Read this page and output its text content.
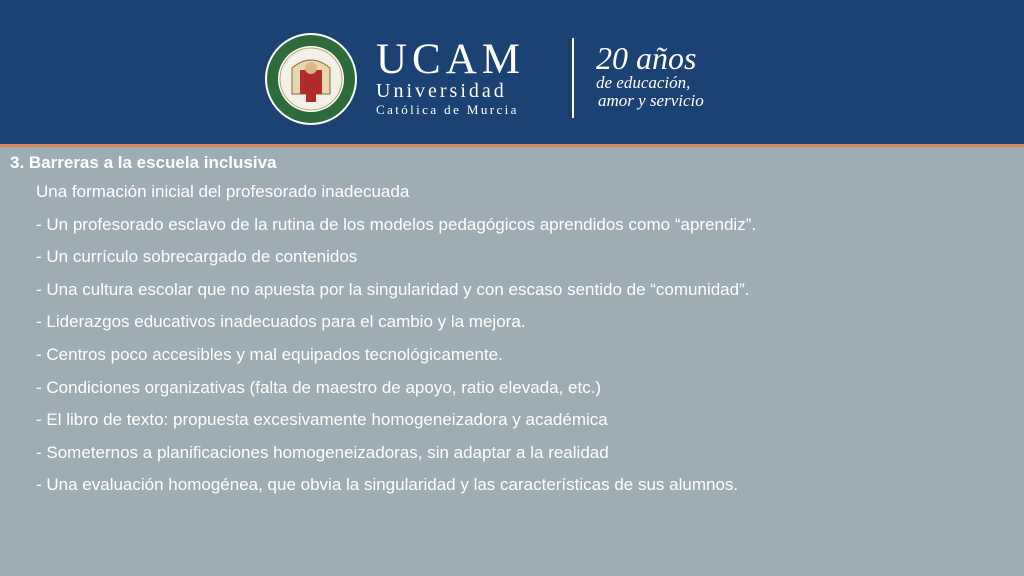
UCAM
Universidad
Católica de Murcia
20 años
de educación,
amor y servicio
3. Barreras a la escuela inclusiva
Una formación inicial del profesorado inadecuada
- Un profesorado esclavo de la rutina de los modelos pedagógicos aprendidos como “aprendiz”.
- Un currículo sobrecargado de contenidos
- Una cultura escolar que no apuesta por la singularidad y con escaso sentido de “comunidad”.
- Liderazgos educativos inadecuados para el cambio y la mejora.
- Centros poco accesibles y mal equipados tecnológicamente.
- Condiciones organizativas (falta de maestro de apoyo, ratio elevada, etc.)
- El libro de texto: propuesta excesivamente homogeneizadora y académica
- Someternos a planificaciones homogeneizadoras, sin adaptar a la realidad
- Una evaluación homogénea, que obvia la singularidad y las características de sus alumnos.
